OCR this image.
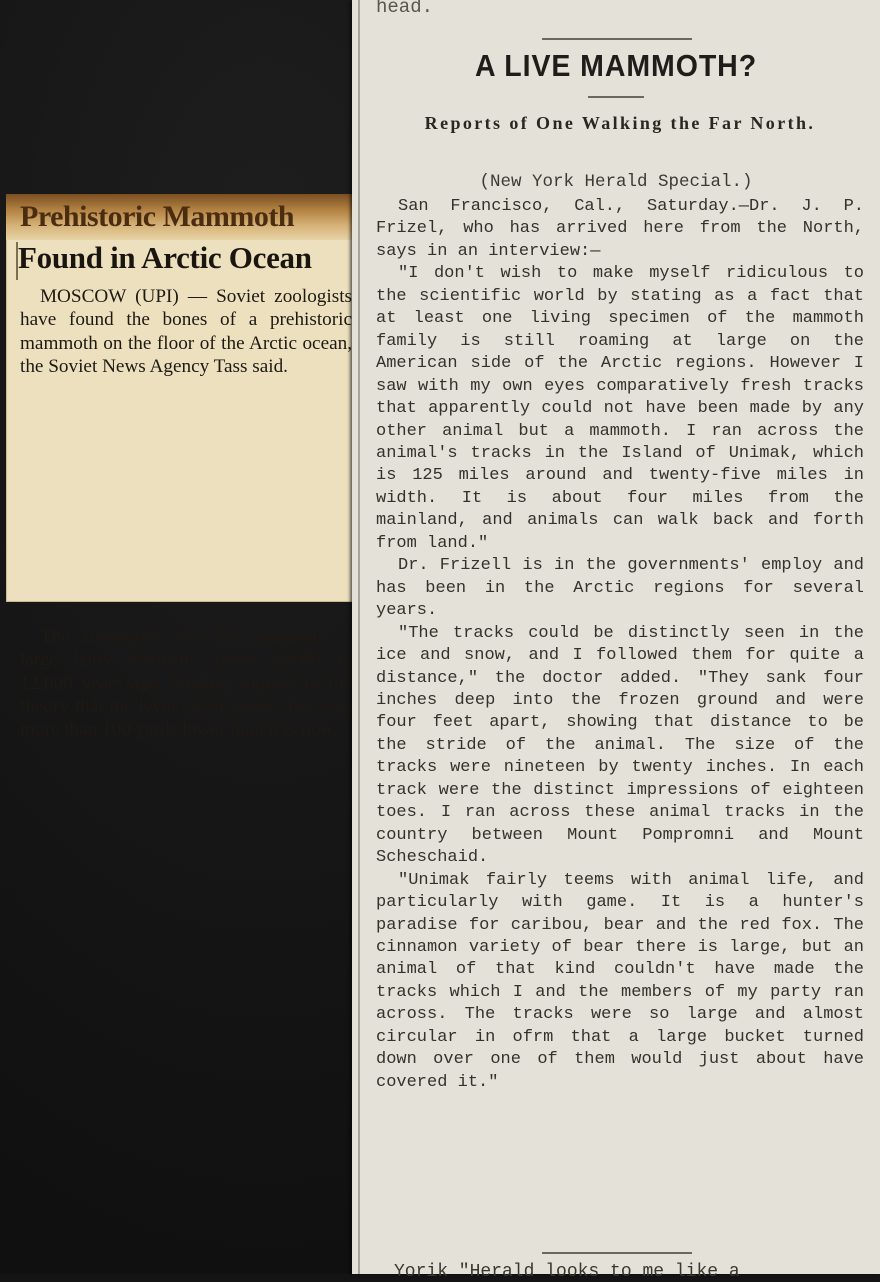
Prehistoric Mammoth
Found in Arctic Ocean

MOSCOW (UPI) — Soviet zoologists have found the bones of a prehistoric mammoth on the floor of the Arctic ocean, the Soviet News Agency Tass said.

The zoologists said the mammoth, a large hairy elephant, lived 11,000 to 12,000 years ago, lending support to the theory that the level of the ocean then was more than 100 yards lower than it is now.

head.
A LIVE MAMMOTH?
Reports of One Walking the Far North.
(New York Herald Special.)

San Francisco, Cal., Saturday.—Dr. J. P. Frizel, who has arrived here from the North, says in an interview:—

"I don't wish to make myself ridiculous to the scientific world by stating as a fact that at least one living specimen of the mammoth family is still roaming at large on the American side of the Arctic regions. However I saw with my own eyes comparatively fresh tracks that apparently could not have been made by any other animal but a mammoth. I ran across the animal's tracks in the Island of Unimak, which is 125 miles around and twenty-five miles in width. It is about four miles from the mainland, and animals can walk back and forth from land."

Dr. Frizell is in the governments' employ and has been in the Arctic regions for several years.

"The tracks could be distinctly seen in the ice and snow, and I followed them for quite a distance," the doctor added. "They sank four inches deep into the frozen ground and were four feet apart, showing that distance to be the stride of the animal. The size of the tracks were nineteen by twenty inches. In each track were the distinct impressions of eighteen toes. I ran across these animal tracks in the country between Mount Pompromni and Mount Scheschaid.

"Unimak fairly teems with animal life, and particularly with game. It is a hunter's paradise for caribou, bear and the red fox. The cinnamon variety of bear there is large, but an animal of that kind couldn't have made the tracks which I and the members of my party ran across. The tracks were so large and almost circular in ofrm that a large bucket turned down over one of them would just about have covered it."

Yorik "Herald looks to me like a
